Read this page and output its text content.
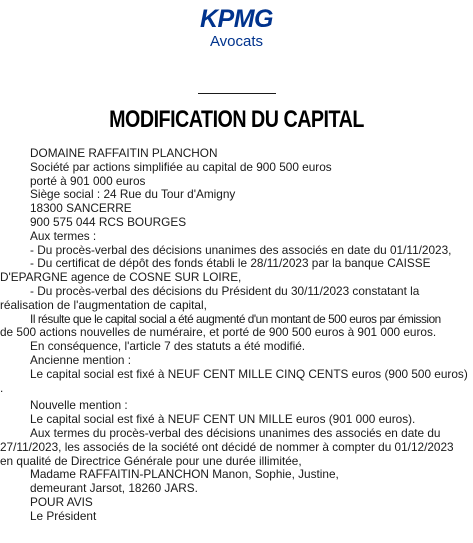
KPMG
Avocats
MODIFICATION DU CAPITAL
DOMAINE RAFFAITIN PLANCHON
Société par actions simplifiée au capital de 900 500 euros
porté à 901 000 euros
Siège social : 24 Rue du Tour d'Amigny
18300 SANCERRE
900 575 044 RCS BOURGES
Aux termes :
- Du procès-verbal des décisions unanimes des associés en date du 01/11/2023,
- Du certificat de dépôt des fonds établi le 28/11/2023 par la banque CAISSE
D'EPARGNE agence de COSNE SUR LOIRE,
- Du procès-verbal des décisions du Président du 30/11/2023 constatant la
réalisation de l'augmentation de capital,
Il résulte que le capital social a été augmenté d'un montant de 500 euros par émission
de 500 actions nouvelles de numéraire, et porté de 900 500 euros à 901 000 euros.
En conséquence, l'article 7 des statuts a été modifié.
Ancienne mention :
Le capital social est fixé à NEUF CENT MILLE CINQ CENTS euros (900 500 euros)
.
Nouvelle mention :
Le capital social est fixé à NEUF CENT UN MILLE euros (901 000 euros).
Aux termes du procès-verbal des décisions unanimes des associés en date du
27/11/2023, les associés de la société ont décidé de nommer à compter du 01/12/2023
en qualité de Directrice Générale pour une durée illimitée,
Madame RAFFAITIN-PLANCHON Manon, Sophie, Justine,
demeurant Jarsot, 18260 JARS.
POUR AVIS
Le Président
